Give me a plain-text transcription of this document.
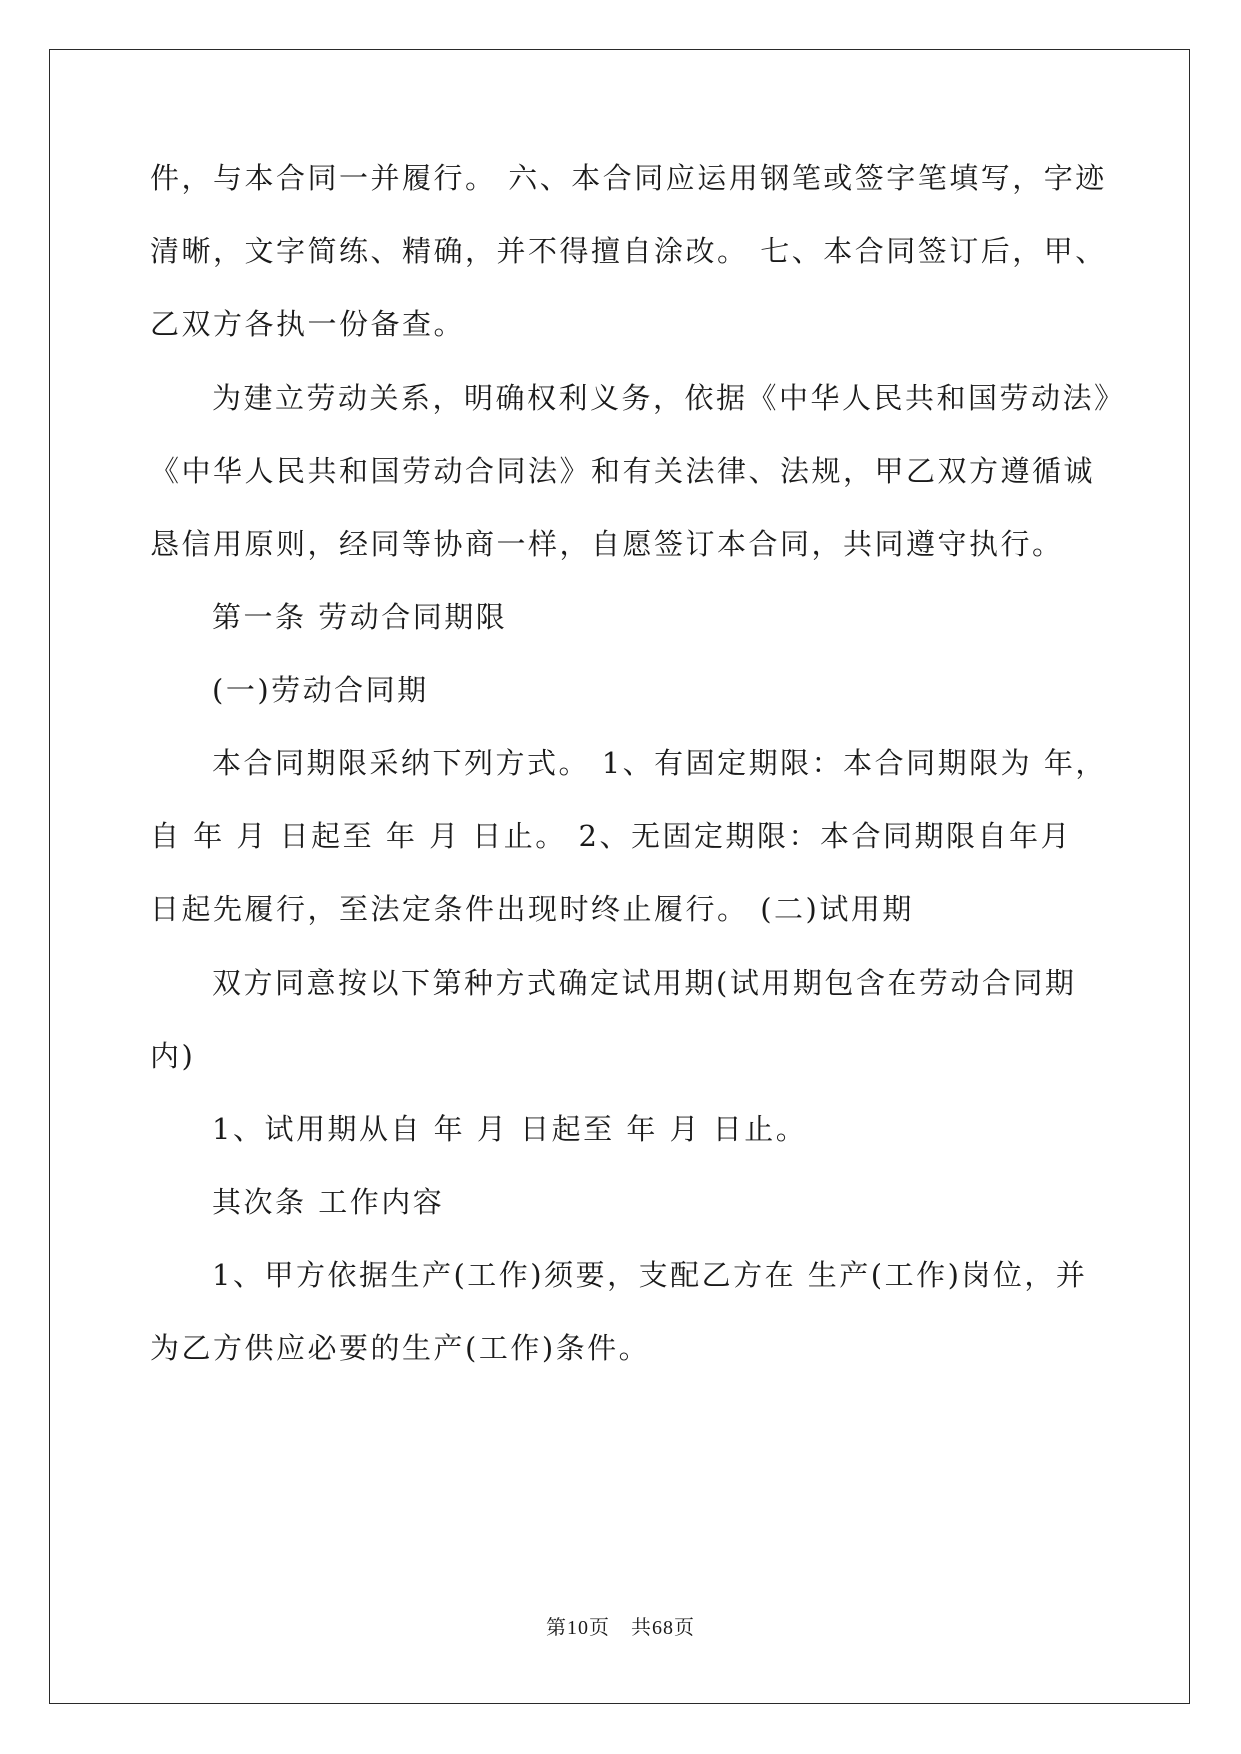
件，与本合同一并履行。 六、本合同应运用钢笔或签字笔填写，字迹
清晰，文字简练、精确，并不得擅自涂改。 七、本合同签订后，甲、
乙双方各执一份备查。
为建立劳动关系，明确权利义务，依据《中华人民共和国劳动法》
《中华人民共和国劳动合同法》和有关法律、法规，甲乙双方遵循诚
恳信用原则，经同等协商一样，自愿签订本合同，共同遵守执行。
第一条 劳动合同期限
(一)劳动合同期
本合同期限采纳下列方式。 1、有固定期限：本合同期限为 年，
自 年 月 日起至 年 月 日止。 2、无固定期限：本合同期限自年月
日起先履行，至法定条件出现时终止履行。 (二)试用期
双方同意按以下第种方式确定试用期(试用期包含在劳动合同期
内)
1、试用期从自 年 月 日起至 年 月 日止。
其次条 工作内容
1、甲方依据生产(工作)须要，支配乙方在 生产(工作)岗位，并
为乙方供应必要的生产(工作)条件。
第10页　共68页
